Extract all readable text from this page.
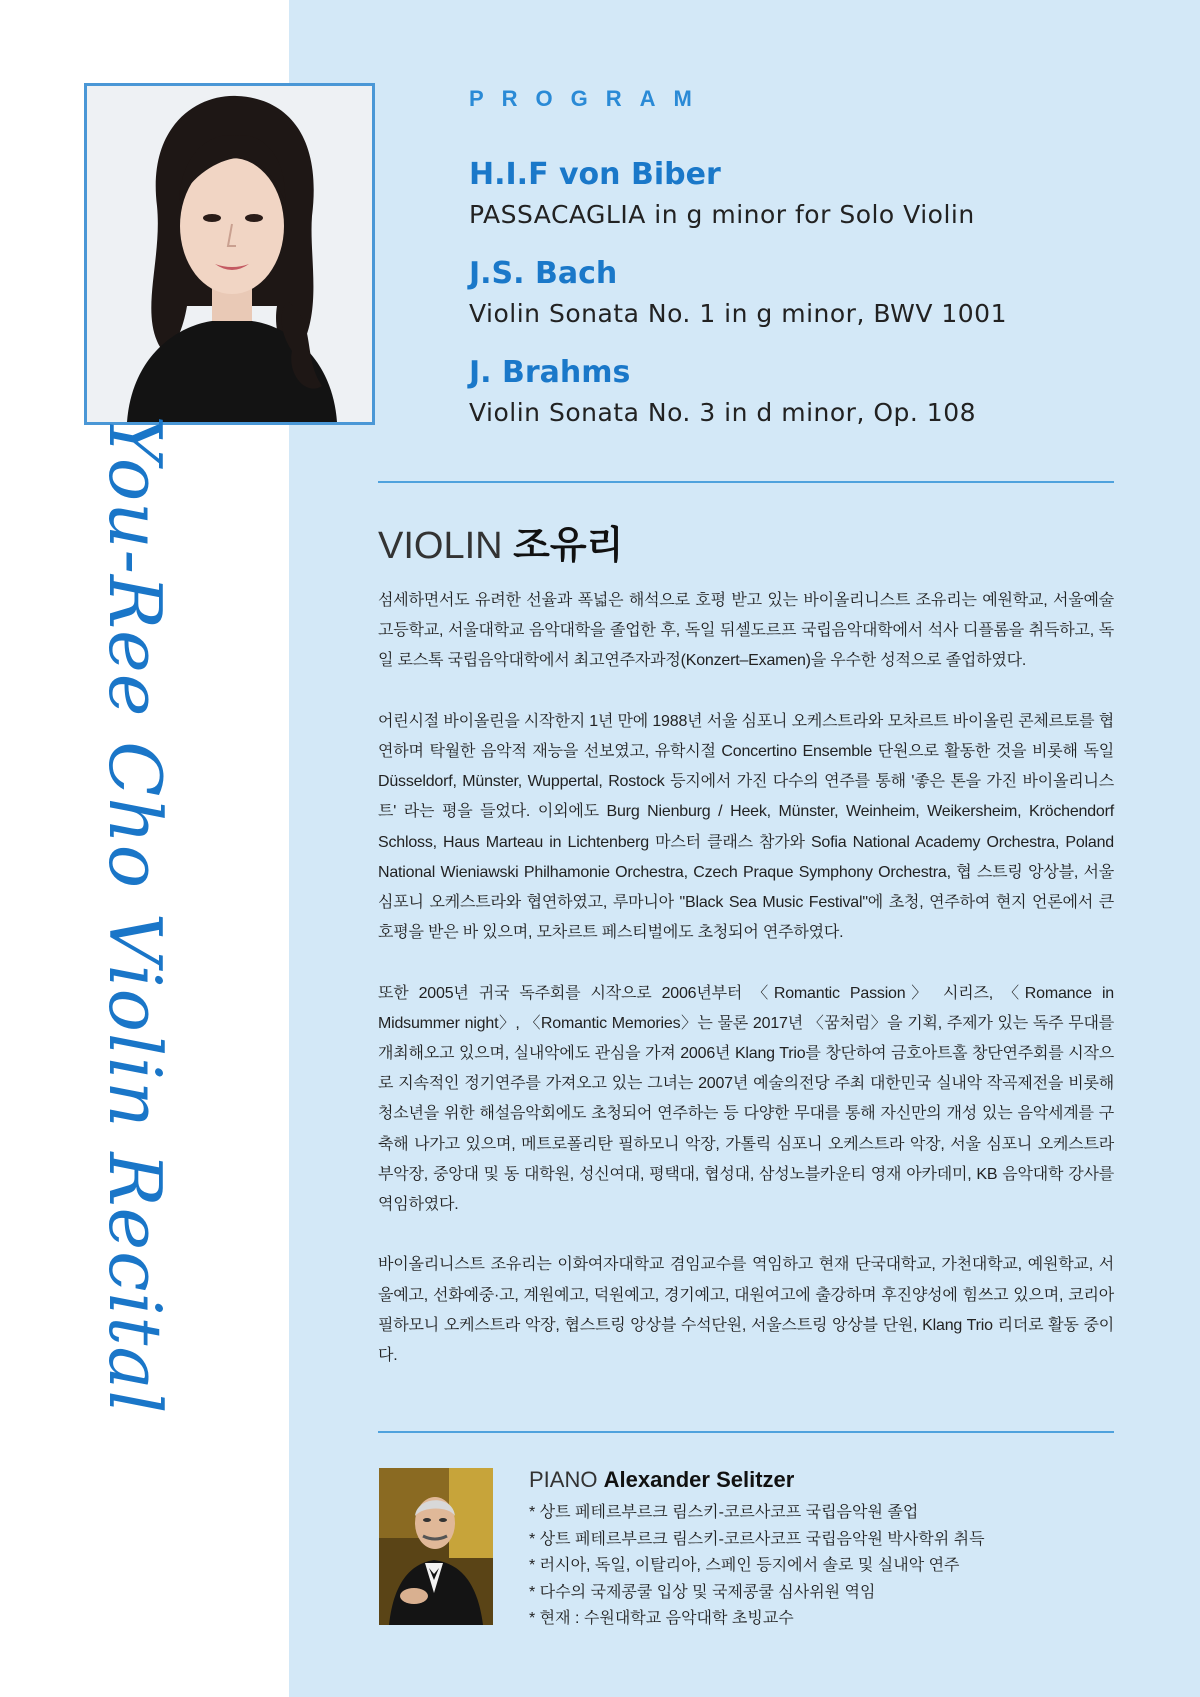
You-Ree Cho Violin Recital
PROGRAM
H.I.F von Biber
PASSACAGLIA in g minor for Solo Violin
J.S. Bach
Violin Sonata No. 1 in g minor, BWV 1001
J. Brahms
Violin Sonata No. 3 in d minor, Op. 108
VIOLIN 조유리

섬세하면서도 유려한 선율과 폭넓은 해석으로 호평 받고 있는 바이올리니스트 조유리는 예원학교, 서울예술고등학교, 서울대학교 음악대학을 졸업한 후, 독일 뒤셀도르프 국립음악대학에서 석사 디플롬을 취득하고, 독일 로스톡 국립음악대학에서 최고연주자과정(Konzert–Examen)을 우수한 성적으로 졸업하였다.

어린시절 바이올린을 시작한지 1년 만에 1988년 서울 심포니 오케스트라와 모차르트 바이올린 콘체르토를 협연하며 탁월한 음악적 재능을 선보였고, 유학시절 Concertino Ensemble 단원으로 활동한 것을 비롯해 독일 Düsseldorf, Münster, Wuppertal, Rostock 등지에서 가진 다수의 연주를 통해 '좋은 톤을 가진 바이올리니스트' 라는 평을 들었다. 이외에도 Burg Nienburg / Heek, Münster, Weinheim, Weikersheim, Kröchendorf Schloss, Haus Marteau in Lichtenberg 마스터 클래스 참가와 Sofia National Academy Orchestra, Poland National Wieniawski Philhamonie Orchestra, Czech Praque Symphony Orchestra, 협 스트링 앙상블, 서울 심포니 오케스트라와 협연하였고, 루마니아 "Black Sea Music Festival"에 초청, 연주하여 현지 언론에서 큰 호평을 받은 바 있으며, 모차르트 페스티벌에도 초청되어 연주하였다.

또한 2005년 귀국 독주회를 시작으로 2006년부터 〈Romantic Passion〉 시리즈, 〈Romance in Midsummer night〉, 〈Romantic Memories〉는 물론 2017년 〈꿈처럼〉을 기획, 주제가 있는 독주 무대를 개최해오고 있으며, 실내악에도 관심을 가져 2006년 Klang Trio를 창단하여 금호아트홀 창단연주회를 시작으로 지속적인 정기연주를 가져오고 있는 그녀는 2007년 예술의전당 주최 대한민국 실내악 작곡제전을 비롯해 청소년을 위한 해설음악회에도 초청되어 연주하는 등 다양한 무대를 통해 자신만의 개성 있는 음악세계를 구축해 나가고 있으며, 메트로폴리탄 필하모니 악장, 가톨릭 심포니 오케스트라 악장, 서울 심포니 오케스트라 부악장, 중앙대 및 동 대학원, 성신여대, 평택대, 협성대, 삼성노블카운티 영재 아카데미, KB 음악대학 강사를 역임하였다.

바이올리니스트 조유리는 이화여자대학교 겸임교수를 역임하고 현재 단국대학교, 가천대학교, 예원학교, 서울예고, 선화예중·고, 계원예고, 덕원예고, 경기예고, 대원여고에 출강하며 후진양성에 힘쓰고 있으며, 코리아필하모니 오케스트라 악장, 협스트링 앙상블 수석단원, 서울스트링 앙상블 단원, Klang Trio 리더로 활동 중이다.

PIANO Alexander Selitzer
* 상트 페테르부르크 림스키-코르사코프 국립음악원 졸업
* 상트 페테르부르크 림스키-코르사코프 국립음악원 박사학위 취득
* 러시아, 독일, 이탈리아, 스페인 등지에서 솔로 및 실내악 연주
* 다수의 국제콩쿨 입상 및 국제콩쿨 심사위원 역임
* 현재 : 수원대학교 음악대학 초빙교수
